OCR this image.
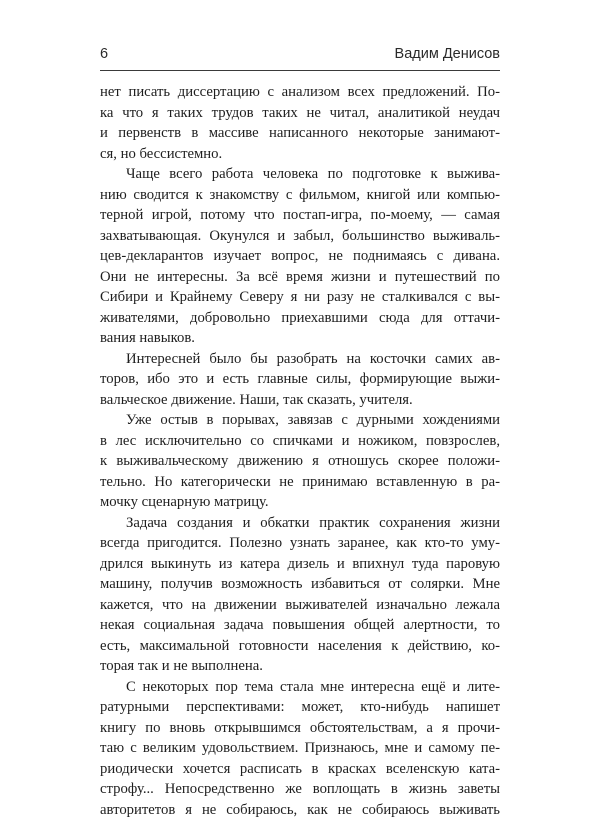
6	Вадим Денисов
нет писать диссертацию с анализом всех предложений. По-
ка что я таких трудов таких не читал, аналитикой неудач
и первенств в массиве написанного некоторые занимают-
ся, но бессистемно.
Чаще всего работа человека по подготовке к выжива-
нию сводится к знакомству с фильмом, книгой или компью-
терной игрой, потому что постап-игра, по-моему, — самая
захватывающая. Окунулся и забыл, большинство выживаль-
цев-декларантов изучает вопрос, не поднимаясь с дивана.
Они не интересны. За всё время жизни и путешествий по
Сибири и Крайнему Северу я ни разу не сталкивался с вы-
живателями, добровольно приехавшими сюда для оттачи-
вания навыков.
Интересней было бы разобрать на косточки самих ав-
торов, ибо это и есть главные силы, формирующие выжи-
вальческое движение. Наши, так сказать, учителя.
Уже остыв в порывах, завязав с дурными хождениями
в лес исключительно со спичками и ножиком, повзрослев,
к выживальческому движению я отношусь скорее положи-
тельно. Но категорически не принимаю вставленную в ра-
мочку сценарную матрицу.
Задача создания и обкатки практик сохранения жизни
всегда пригодится. Полезно узнать заранее, как кто-то уму-
дрился выкинуть из катера дизель и впихнул туда паровую
машину, получив возможность избавиться от солярки. Мне
кажется, что на движении выживателей изначально лежала
некая социальная задача повышения общей алертности, то
есть, максимальной готовности населения к действию, ко-
торая так и не выполнена.
С некоторых пор тема стала мне интересна ещё и лите-
ратурными перспективами: может, кто-нибудь напишет
книгу по вновь открывшимся обстоятельствам, а я прочи-
таю с великим удовольствием. Признаюсь, мне и самому пе-
риодически хочется расписать в красках вселенскую ката-
строфу... Непосредственно же воплощать в жизнь заветы
авторитетов я не собираюсь, как не собираюсь выживать
